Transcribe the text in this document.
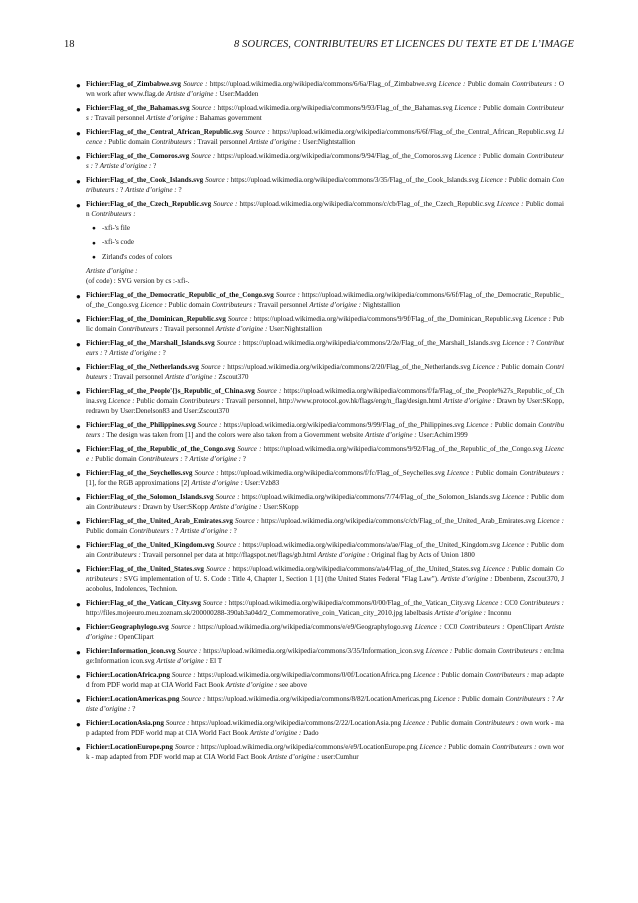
18	8 SOURCES, CONTRIBUTEURS ET LICENCES DU TEXTE ET DE L’IMAGE
● Fichier:Flag_of_Zimbabwe.svg Source : https://upload.wikimedia.org/wikipedia/commons/6/6a/Flag_of_Zimbabwe.svg Licence : Public domain Contributeurs : Own work after www.flag.de Artiste d’origine : User:Madden
● Fichier:Flag_of_the_Bahamas.svg Source : https://upload.wikimedia.org/wikipedia/commons/9/93/Flag_of_the_Bahamas.svg Licence : Public domain Contributeurs : Travail personnel Artiste d’origine : Bahamas government
● Fichier:Flag_of_the_Central_African_Republic.svg Source : https://upload.wikimedia.org/wikipedia/commons/6/6f/Flag_of_the_Central_African_Republic.svg Licence : Public domain Contributeurs : Travail personnel Artiste d’origine : User:Nightstallion
● Fichier:Flag_of_the_Comoros.svg Source : https://upload.wikimedia.org/wikipedia/commons/9/94/Flag_of_the_Comoros.svg Licence : Public domain Contributeurs : ? Artiste d’origine : ?
● Fichier:Flag_of_the_Cook_Islands.svg Source : https://upload.wikimedia.org/wikipedia/commons/3/35/Flag_of_the_Cook_Islands.svg Licence : Public domain Contributeurs : ? Artiste d’origine : ?
● Fichier:Flag_of_the_Czech_Republic.svg Source : https://upload.wikimedia.org/wikipedia/commons/c/cb/Flag_of_the_Czech_Republic.svg Licence : Public domain Contributeurs :
● -xfi-'s file
● -xfi-'s code
● Zirland's codes of colors

Artiste d’origine :

(of code) : SVG version by cs :-xfi-.

● Fichier:Flag_of_the_Democratic_Republic_of_the_Congo.svg Source : https://upload.wikimedia.org/wikipedia/commons/6/6f/Flag_of_the_Democratic_Republic_of_the_Congo.svg Licence : Public domain Contributeurs : Travail personnel Artiste d’origine : Nightstallion
● Fichier:Flag_of_the_Dominican_Republic.svg Source : https://upload.wikimedia.org/wikipedia/commons/9/9f/Flag_of_the_Dominican_Republic.svg Licence : Public domain Contributeurs : Travail personnel Artiste d’origine : User:Nightstallion
● Fichier:Flag_of_the_Marshall_Islands.svg Source : https://upload.wikimedia.org/wikipedia/commons/2/2e/Flag_of_the_Marshall_Islands.svg Licence : ? Contributeurs : ? Artiste d’origine : ?
● Fichier:Flag_of_the_Netherlands.svg Source : https://upload.wikimedia.org/wikipedia/commons/2/20/Flag_of_the_Netherlands.svg Licence : Public domain Contributeurs : Travail personnel Artiste d’origine : Zscout370
● Fichier:Flag_of_the_People'{}s_Republic_of_China.svg Source : https://upload.wikimedia.org/wikipedia/commons/f/fa/Flag_of_the_People%27s_Republic_of_China.svg Licence : Public domain Contributeurs : Travail personnel, http://www.protocol.gov.hk/flags/eng/n_flag/design.html Artiste d’origine : Drawn by User:SKopp, redrawn by User:Denelson83 and User:Zscout370
● Fichier:Flag_of_the_Philippines.svg Source : https://upload.wikimedia.org/wikipedia/commons/9/99/Flag_of_the_Philippines.svg Licence : Public domain Contributeurs : The design was taken from [1] and the colors were also taken from a Government website Artiste d’origine : User:Achim1999
● Fichier:Flag_of_the_Republic_of_the_Congo.svg Source : https://upload.wikimedia.org/wikipedia/commons/9/92/Flag_of_the_Republic_of_the_Congo.svg Licence : Public domain Contributeurs : ? Artiste d’origine : ?
● Fichier:Flag_of_the_Seychelles.svg Source : https://upload.wikimedia.org/wikipedia/commons/f/fc/Flag_of_Seychelles.svg Licence : Public domain Contributeurs : [1], for the RGB approximations [2] Artiste d’origine : User:Vzb83
● Fichier:Flag_of_the_Solomon_Islands.svg Source : https://upload.wikimedia.org/wikipedia/commons/7/74/Flag_of_the_Solomon_Islands.svg Licence : Public domain Contributeurs : Drawn by User:SKopp Artiste d’origine : User:SKopp
● Fichier:Flag_of_the_United_Arab_Emirates.svg Source : https://upload.wikimedia.org/wikipedia/commons/c/cb/Flag_of_the_United_Arab_Emirates.svg Licence : Public domain Contributeurs : ? Artiste d’origine : ?
● Fichier:Flag_of_the_United_Kingdom.svg Source : https://upload.wikimedia.org/wikipedia/commons/a/ae/Flag_of_the_United_Kingdom.svg Licence : Public domain Contributeurs : Travail personnel per data at http://flagspot.net/flags/gb.html Artiste d’origine : Original flag by Acts of Union 1800
● Fichier:Flag_of_the_United_States.svg Source : https://upload.wikimedia.org/wikipedia/commons/a/a4/Flag_of_the_United_States.svg Licence : Public domain Contributeurs : SVG implementation of U. S. Code : Title 4, Chapter 1, Section 1 [1] (the United States Federal "Flag Law"). Artiste d’origine : Dbenbenn, Zscout370, Jacobolus, Indolences, Technion.
● Fichier:Flag_of_the_Vatican_City.svg Source : https://upload.wikimedia.org/wikipedia/commons/0/00/Flag_of_the_Vatican_City.svg Licence : CC0 Contributeurs : http://files.mojeeuro.meu.zoznam.sk/200000288-390ab3a04d/2_Commemorative_coin_Vatican_city_2010.jpg labelbasis Artiste d’origine : Inconnu
● Fichier:Geographylogo.svg Source : https://upload.wikimedia.org/wikipedia/commons/e/e9/Geographylogo.svg Licence : CC0 Contributeurs : OpenClipart Artiste d’origine : OpenClipart
● Fichier:Information_icon.svg Source : https://upload.wikimedia.org/wikipedia/commons/3/35/Information_icon.svg Licence : Public domain Contributeurs : en:Image:Information icon.svg Artiste d’origine : El T
● Fichier:LocationAfrica.png Source : https://upload.wikimedia.org/wikipedia/commons/0/0f/LocationAfrica.png Licence : Public domain Contributeurs : map adapted from PDF world map at CIA World Fact Book Artiste d’origine : see above
● Fichier:LocationAmericas.png Source : https://upload.wikimedia.org/wikipedia/commons/8/82/LocationAmericas.png Licence : Public domain Contributeurs : ? Artiste d’origine : ?
● Fichier:LocationAsia.png Source : https://upload.wikimedia.org/wikipedia/commons/2/22/LocationAsia.png Licence : Public domain Contributeurs : own work - map adapted from PDF world map at CIA World Fact Book Artiste d’origine : Dado
● Fichier:LocationEurope.png Source : https://upload.wikimedia.org/wikipedia/commons/e/e9/LocationEurope.png Licence : Public domain Contributeurs : own work - map adapted from PDF world map at CIA World Fact Book Artiste d’origine : user:Cumhur
